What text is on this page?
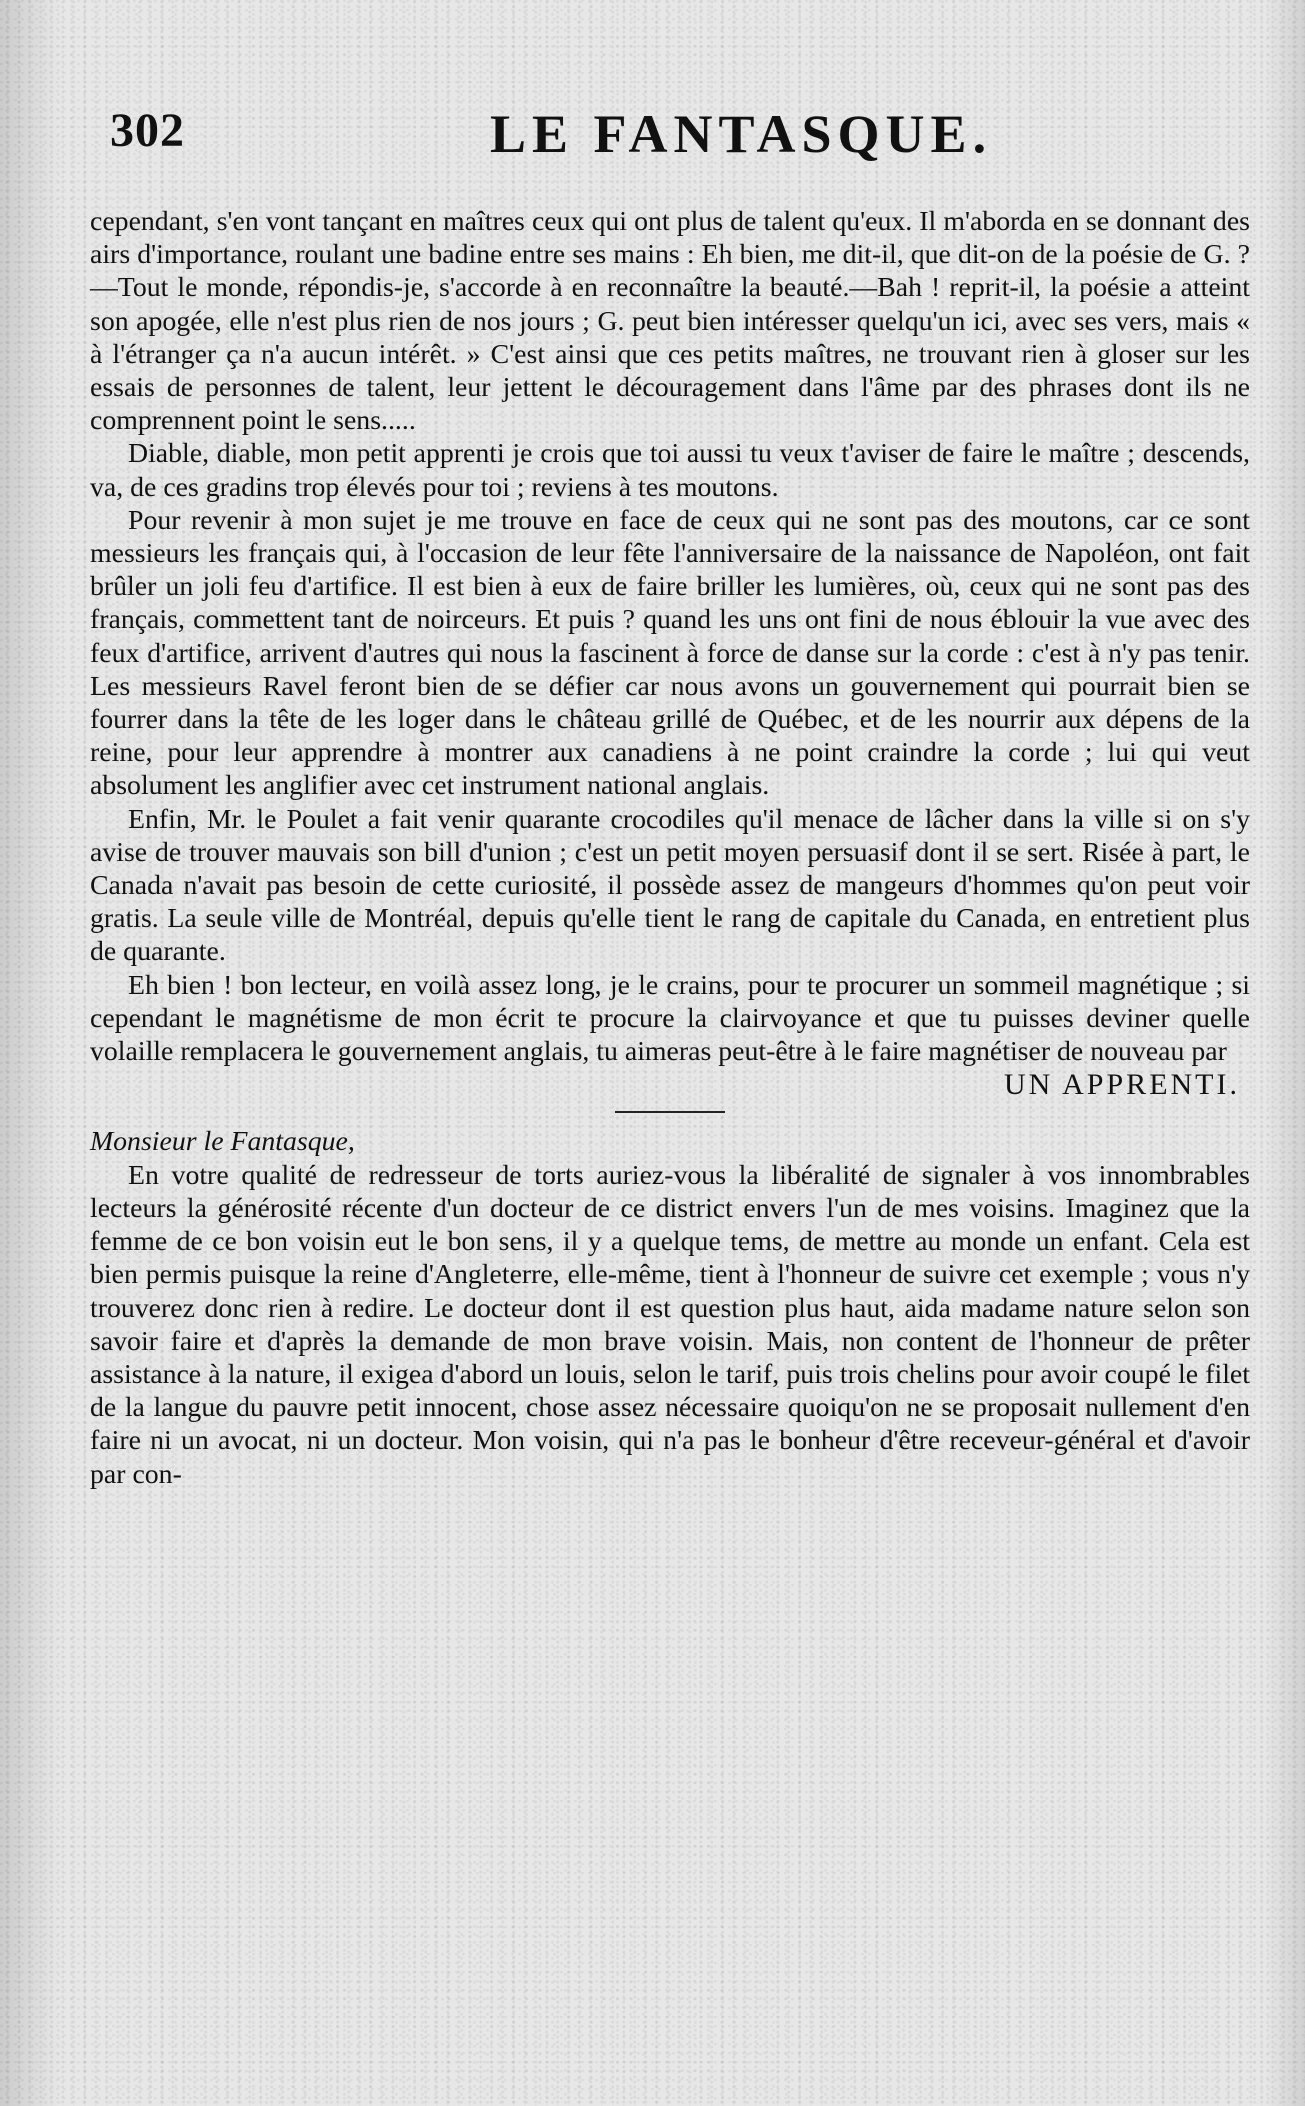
302	LE FANTASQUE.

cependant, s'en vont tançant en maîtres ceux qui ont plus de talent qu'eux. Il m'aborda en se donnant des airs d'importance, roulant une badine entre ses mains : Eh bien, me dit-il, que dit-on de la poésie de G. ?—Tout le monde, répondis-je, s'accorde à en reconnaître la beauté.—Bah ! reprit-il, la poésie a atteint son apogée, elle n'est plus rien de nos jours ; G. peut bien intéresser quelqu'un ici, avec ses vers, mais « à l'étranger ça n'a aucun intérêt. » C'est ainsi que ces petits maîtres, ne trouvant rien à gloser sur les essais de personnes de talent, leur jettent le découragement dans l'âme par des phrases dont ils ne comprennent point le sens.....

Diable, diable, mon petit apprenti je crois que toi aussi tu veux t'aviser de faire le maître ; descends, va, de ces gradins trop élevés pour toi ; reviens à tes moutons.

Pour revenir à mon sujet je me trouve en face de ceux qui ne sont pas des moutons, car ce sont messieurs les français qui, à l'occasion de leur fête l'anniversaire de la naissance de Napoléon, ont fait brûler un joli feu d'artifice. Il est bien à eux de faire briller les lumières, où, ceux qui ne sont pas des français, commettent tant de noirceurs. Et puis ? quand les uns ont fini de nous éblouir la vue avec des feux d'artifice, arrivent d'autres qui nous la fascinent à force de danse sur la corde : c'est à n'y pas tenir. Les messieurs Ravel feront bien de se défier car nous avons un gouvernement qui pourrait bien se fourrer dans la tête de les loger dans le château grillé de Québec, et de les nourrir aux dépens de la reine, pour leur apprendre à montrer aux canadiens à ne point craindre la corde ; lui qui veut absolument les anglifier avec cet instrument national anglais.

Enfin, Mr. le Poulet a fait venir quarante crocodiles qu'il menace de lâcher dans la ville si on s'y avise de trouver mauvais son bill d'union ; c'est un petit moyen persuasif dont il se sert. Risée à part, le Canada n'avait pas besoin de cette curiosité, il possède assez de mangeurs d'hommes qu'on peut voir gratis. La seule ville de Montréal, depuis qu'elle tient le rang de capitale du Canada, en entretient plus de quarante.

Eh bien ! bon lecteur, en voilà assez long, je le crains, pour te procurer un sommeil magnétique ; si cependant le magnétisme de mon écrit te procure la clairvoyance et que tu puisses deviner quelle volaille remplacera le gouvernement anglais, tu aimeras peut-être à le faire magnétiser de nouveau par

UN APPRENTI.

Monsieur le Fantasque,

En votre qualité de redresseur de torts auriez-vous la libéralité de signaler à vos innombrables lecteurs la générosité récente d'un docteur de ce district envers l'un de mes voisins. Imaginez que la femme de ce bon voisin eut le bon sens, il y a quelque tems, de mettre au monde un enfant. Cela est bien permis puisque la reine d'Angleterre, elle-même, tient à l'honneur de suivre cet exemple ; vous n'y trouverez donc rien à redire. Le docteur dont il est question plus haut, aida madame nature selon son savoir faire et d'après la demande de mon brave voisin. Mais, non content de l'honneur de prêter assistance à la nature, il exigea d'abord un louis, selon le tarif, puis trois chelins pour avoir coupé le filet de la langue du pauvre petit innocent, chose assez nécessaire quoiqu'on ne se proposait nullement d'en faire ni un avocat, ni un docteur. Mon voisin, qui n'a pas le bonheur d'être receveur-général et d'avoir par con-
